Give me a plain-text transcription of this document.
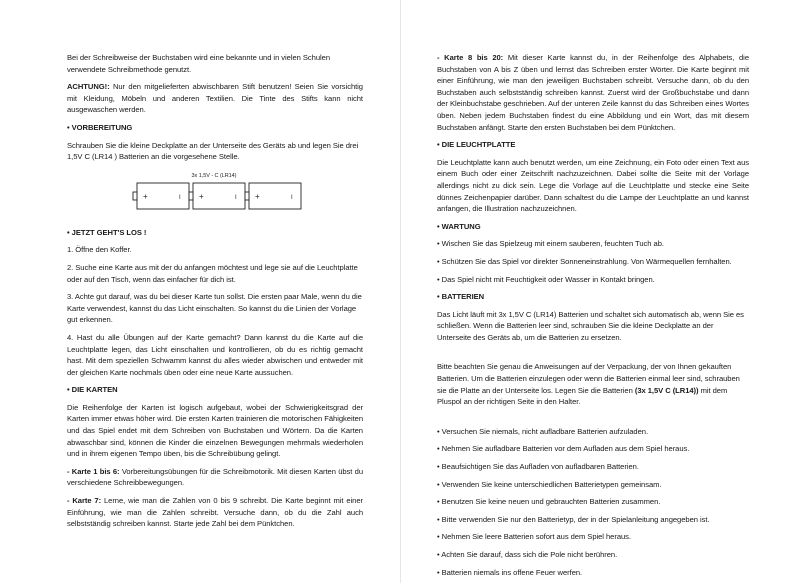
Bei der Schreibweise der Buchstaben wird eine bekannte und in vielen Schulen verwendete Schreibmethode genutzt.

ACHTUNG!: Nur den mitgelieferten abwischbaren Stift benutzen! Seien Sie vorsichtig mit Kleidung, Möbeln und anderen Textilien. Die Tinte des Stifts kann nicht ausgewaschen werden.

• VORBEREITUNG

Schrauben Sie die kleine Deckplatte an der Unterseite des Geräts ab und legen Sie drei 1,5V C (LR14 ) Batterien an die vorgesehene Stelle.

3x 1,5V - C (LR14)
+	I +	I +	I

• JETZT GEHT'S LOS !

1. Öffne den Koffer.

2. Suche eine Karte aus mit der du anfangen möchtest und lege sie auf die Leuchtplatte oder auf den Tisch, wenn das einfacher für dich ist.

3. Achte gut darauf, was du bei dieser Karte tun sollst. Die ersten paar Male, wenn du die Karte verwendest, kannst du das Licht einschalten. So kannst du die Linien der Vorlage gut erkennen.

4. Hast du alle Übungen auf der Karte gemacht? Dann kannst du die Karte auf die Leuchtplatte legen, das Licht einschalten und kontrollieren, ob du es richtig gemacht hast. Mit dem speziellen Schwamm kannst du alles wieder abwischen und entweder mit der gleichen Karte nochmals üben oder eine neue Karte aussuchen.

• DIE KARTEN

Die Reihenfolge der Karten ist logisch aufgebaut, wobei der Schwierigkeitsgrad der Karten immer etwas höher wird. Die ersten Karten trainieren die motorischen Fähigkeiten und das Spiel endet mit dem Schreiben von Buchstaben und Wörtern. Da die Karten abwaschbar sind, können die Kinder die einzelnen Bewegungen mehrmals wiederholen und in ihrem eigenen Tempo üben, bis die Schreibübung gelingt.

- Karte 1 bis 6: Vorbereitungsübungen für die Schreibmotorik. Mit diesen Karten übst du verschiedene Schreibbewegungen.

- Karte 7: Lerne, wie man die Zahlen von 0 bis 9 schreibt. Die Karte beginnt mit einer Einführung, wie man die Zahlen schreibt. Versuche dann, ob du die Zahl auch selbstständig schreiben kannst. Starte jede Zahl bei dem Pünktchen.

- Karte 8 bis 20: Mit dieser Karte kannst du, in der Reihenfolge des Alphabets, die Buchstaben von A bis Z üben und lernst das Schreiben erster Wörter. Die Karte beginnt mit einer Einführung, wie man den jeweiligen Buchstaben schreibt. Versuche dann, ob du den Buchstaben auch selbstständig schreiben kannst. Zuerst wird der Großbuchstabe und dann der Kleinbuchstabe geschrieben. Auf der unteren Zeile kannst du das Schreiben eines Wortes üben. Neben jedem Buchstaben findest du eine Abbildung und ein Wort, das mit diesem Buchstaben anfängt. Starte den ersten Buchstaben bei dem Pünktchen.

• DIE LEUCHTPLATTE

Die Leuchtplatte kann auch benutzt werden, um eine Zeichnung, ein Foto oder einen Text aus einem Buch oder einer Zeitschrift nachzuzeichnen. Dabei sollte die Seite mit der Vorlage allerdings nicht zu dick sein. Lege die Vorlage auf die Leuchtplatte und stecke eine Seite dünnes Zeichenpapier darüber. Dann schaltest du die Lampe der Leuchtplatte an und kannst anfangen, die Illustration nachzuzeichnen.

• WARTUNG

• Wischen Sie das Spielzeug mit einem sauberen, feuchten Tuch ab.

• Schützen Sie das Spiel vor direkter Sonneneinstrahlung. Von Wärmequellen fernhalten.

• Das Spiel nicht mit Feuchtigkeit oder Wasser in Kontakt bringen.

• BATTERIEN

Das Licht läuft mit 3x 1,5V C (LR14) Batterien und schaltet sich automatisch ab, wenn Sie es schließen. Wenn die Batterien leer sind, schrauben Sie die kleine Deckplatte an der Unterseite des Geräts ab, um die Batterien zu ersetzen.

Bitte beachten Sie genau die Anweisungen auf der Verpackung, der von Ihnen gekauften Batterien. Um die Batterien einzulegen oder wenn die Batterien einmal leer sind, schrauben sie die Platte an der Unterseite los. Legen Sie die Batterien (3x 1,5V C (LR14)) mit dem Pluspol an der richtigen Seite in den Halter.

• Versuchen Sie niemals, nicht aufladbare Batterien aufzuladen.

• Nehmen Sie aufladbare Batterien vor dem Aufladen aus dem Spiel heraus.

• Beaufsichtigen Sie das Aufladen von aufladbaren Batterien.

• Verwenden Sie keine unterschiedlichen Batterietypen gemeinsam.

• Benutzen Sie keine neuen und gebrauchten Batterien zusammen.

• Bitte verwenden Sie nur den Batterietyp, der in der Spielanleitung angegeben ist.

• Nehmen Sie leere Batterien sofort aus dem Spiel heraus.

• Achten Sie darauf, dass sich die Pole nicht berühren.

• Batterien niemals ins offene Feuer werfen.
